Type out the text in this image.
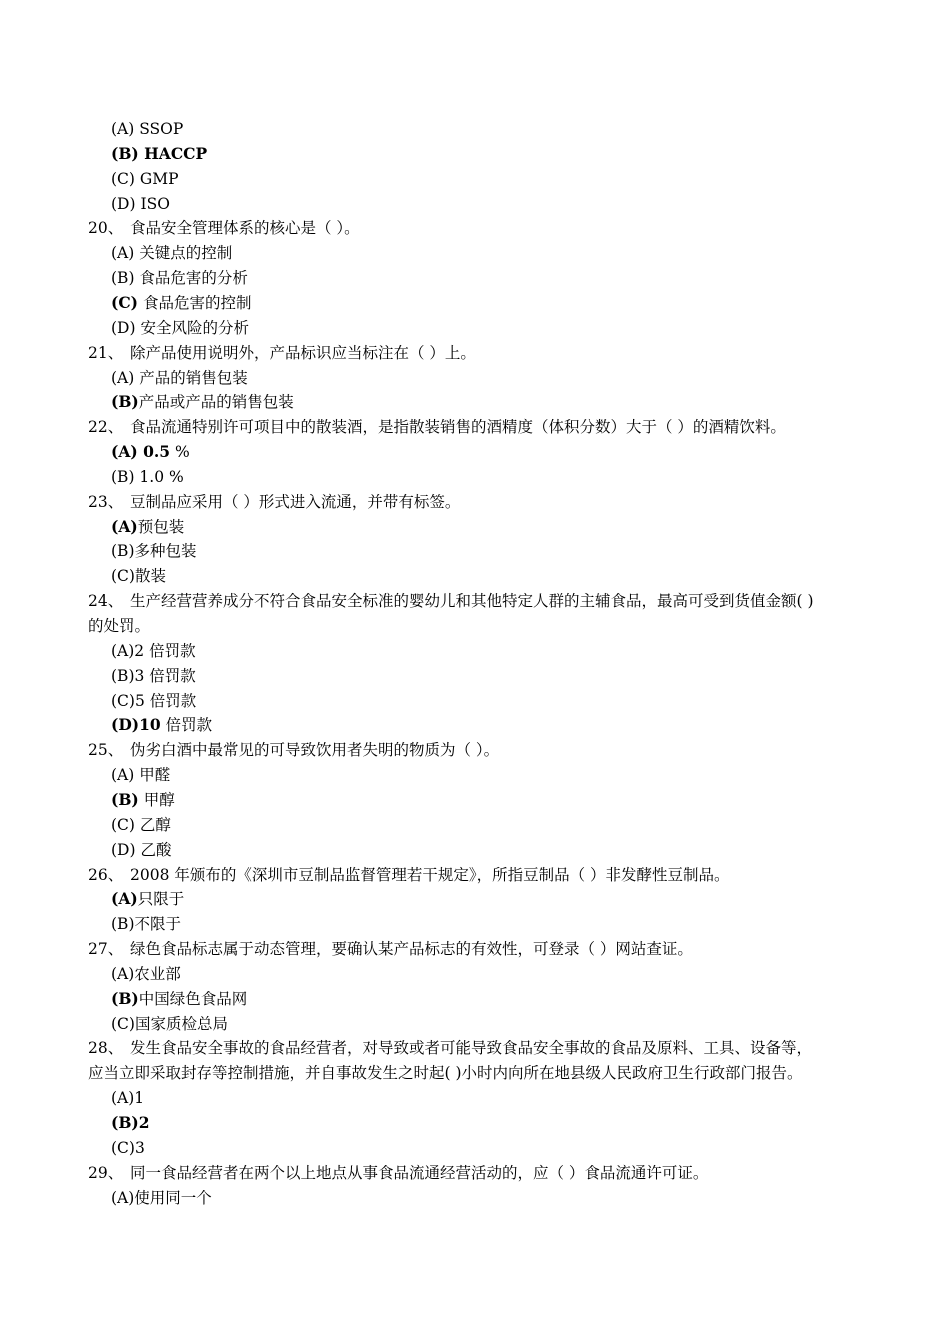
(A) SSOP
(B) HACCP
(C) GMP
(D) ISO
20、 食品安全管理体系的核心是（ ）。
(A) 关键点的控制
(B) 食品危害的分析
(C) 食品危害的控制
(D) 安全风险的分析
21、 除产品使用说明外，产品标识应当标注在（ ）上。
(A) 产品的销售包装
(B)产品或产品的销售包装
22、 食品流通特别许可项目中的散装酒，是指散装销售的酒精度（体积分数）大于（ ）的酒精饮料。
(A) 0.5 %
(B) 1.0 %
23、 豆制品应采用（ ）形式进入流通，并带有标签。
(A)预包装
(B)多种包装
(C)散装
24、 生产经营营养成分不符合食品安全标准的婴幼儿和其他特定人群的主辅食品，最高可受到货值金额( )
的处罚。
(A)2 倍罚款
(B)3 倍罚款
(C)5 倍罚款
(D)10 倍罚款
25、 伪劣白酒中最常见的可导致饮用者失明的物质为（ ）。
(A) 甲醛
(B) 甲醇
(C) 乙醇
(D) 乙酸
26、 2008 年颁布的《深圳市豆制品监督管理若干规定》，所指豆制品（ ）非发酵性豆制品。
(A)只限于
(B)不限于
27、 绿色食品标志属于动态管理，要确认某产品标志的有效性，可登录（ ）网站查证。
(A)农业部
(B)中国绿色食品网
(C)国家质检总局
28、 发生食品安全事故的食品经营者，对导致或者可能导致食品安全事故的食品及原料、工具、设备等，
应当立即采取封存等控制措施，并自事故发生之时起( )小时内向所在地县级人民政府卫生行政部门报告。
(A)1
(B)2
(C)3
29、 同一食品经营者在两个以上地点从事食品流通经营活动的，应（ ）食品流通许可证。
(A)使用同一个
